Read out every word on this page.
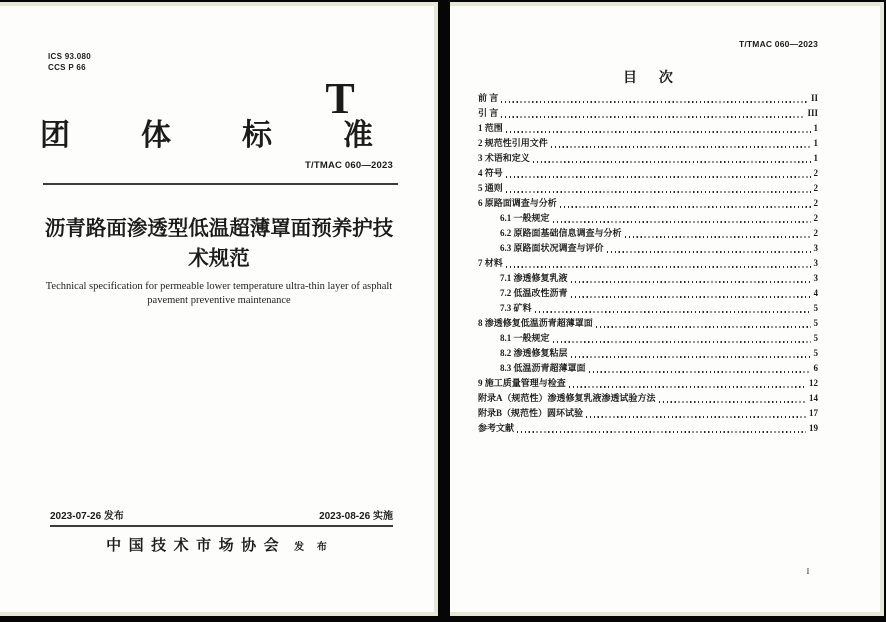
ICS 93.080
CCS P 66
T
团 体 标 准
T/TMAC 060—2023
沥青路面渗透型低温超薄罩面预养护技
术规范
Technical specification for permeable lower temperature ultra-thin layer of asphalt
pavement preventive maintenance
2023-07-26 发布	2023-08-26 实施
中国技术市场协会 发 布
T/TMAC 060—2023
目 次
前 言	II
引 言	III
1 范围	1
2 规范性引用文件	1
3 术语和定义	1
4 符号	2
5 通则	2
6 原路面调查与分析	2
6.1 一般规定	2
6.2 原路面基础信息调查与分析	2
6.3 原路面状况调查与评价	3
7 材料	3
7.1 渗透修复乳液	3
7.2 低温改性沥青	4
7.3 矿料	5
8 渗透修复低温沥青超薄罩面	5
8.1 一般规定	5
8.2 渗透修复粘层	5
8.3 低温沥青超薄罩面	6
9 施工质量管理与检查	12
附录A（规范性）渗透修复乳液渗透试验方法	14
附录B（规范性）圆环试验	17
参考文献	19
I
